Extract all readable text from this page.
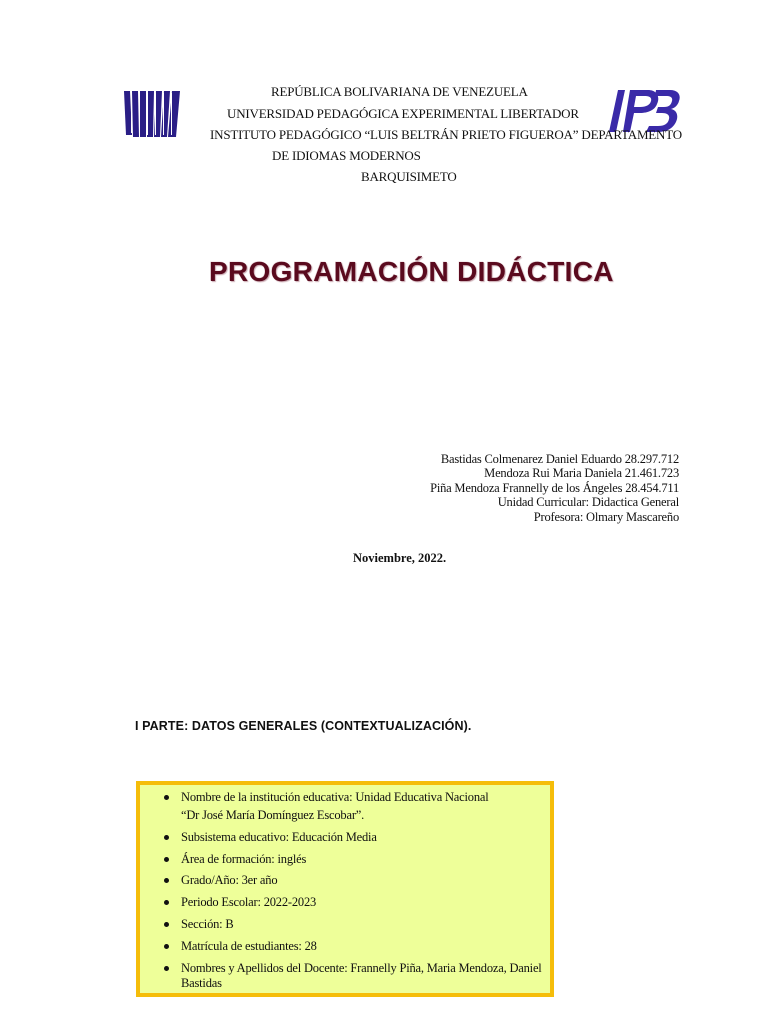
REPÚBLICA BOLIVARIANA DE VENEZUELA
UNIVERSIDAD PEDAGÓGICA EXPERIMENTAL LIBERTADOR
INSTITUTO PEDAGÓGICO “LUIS BELTRÁN PRIETO FIGUEROA” DEPARTAMENTO
DE IDIOMAS MODERNOS
BARQUISIMETO
PROGRAMACIÓN DIDÁCTICA
Bastidas Colmenarez Daniel Eduardo 28.297.712
Mendoza Rui Maria Daniela 21.461.723
Piña Mendoza Frannelly de los Ángeles 28.454.711
Unidad Curricular: Didactica General
Profesora: Olmary Mascareño
Noviembre, 2022.
I PARTE: DATOS GENERALES (CONTEXTUALIZACIÓN).
Nombre de la institución educativa: Unidad Educativa Nacional
“Dr José María Domínguez Escobar”.
Subsistema educativo: Educación Media
Área de formación: inglés
Grado/Año: 3er año
Periodo Escolar: 2022-2023
Sección: B
Matrícula de estudiantes: 28
Nombres y Apellidos del Docente: Frannelly Piña, Maria Mendoza, Daniel
Bastidas
